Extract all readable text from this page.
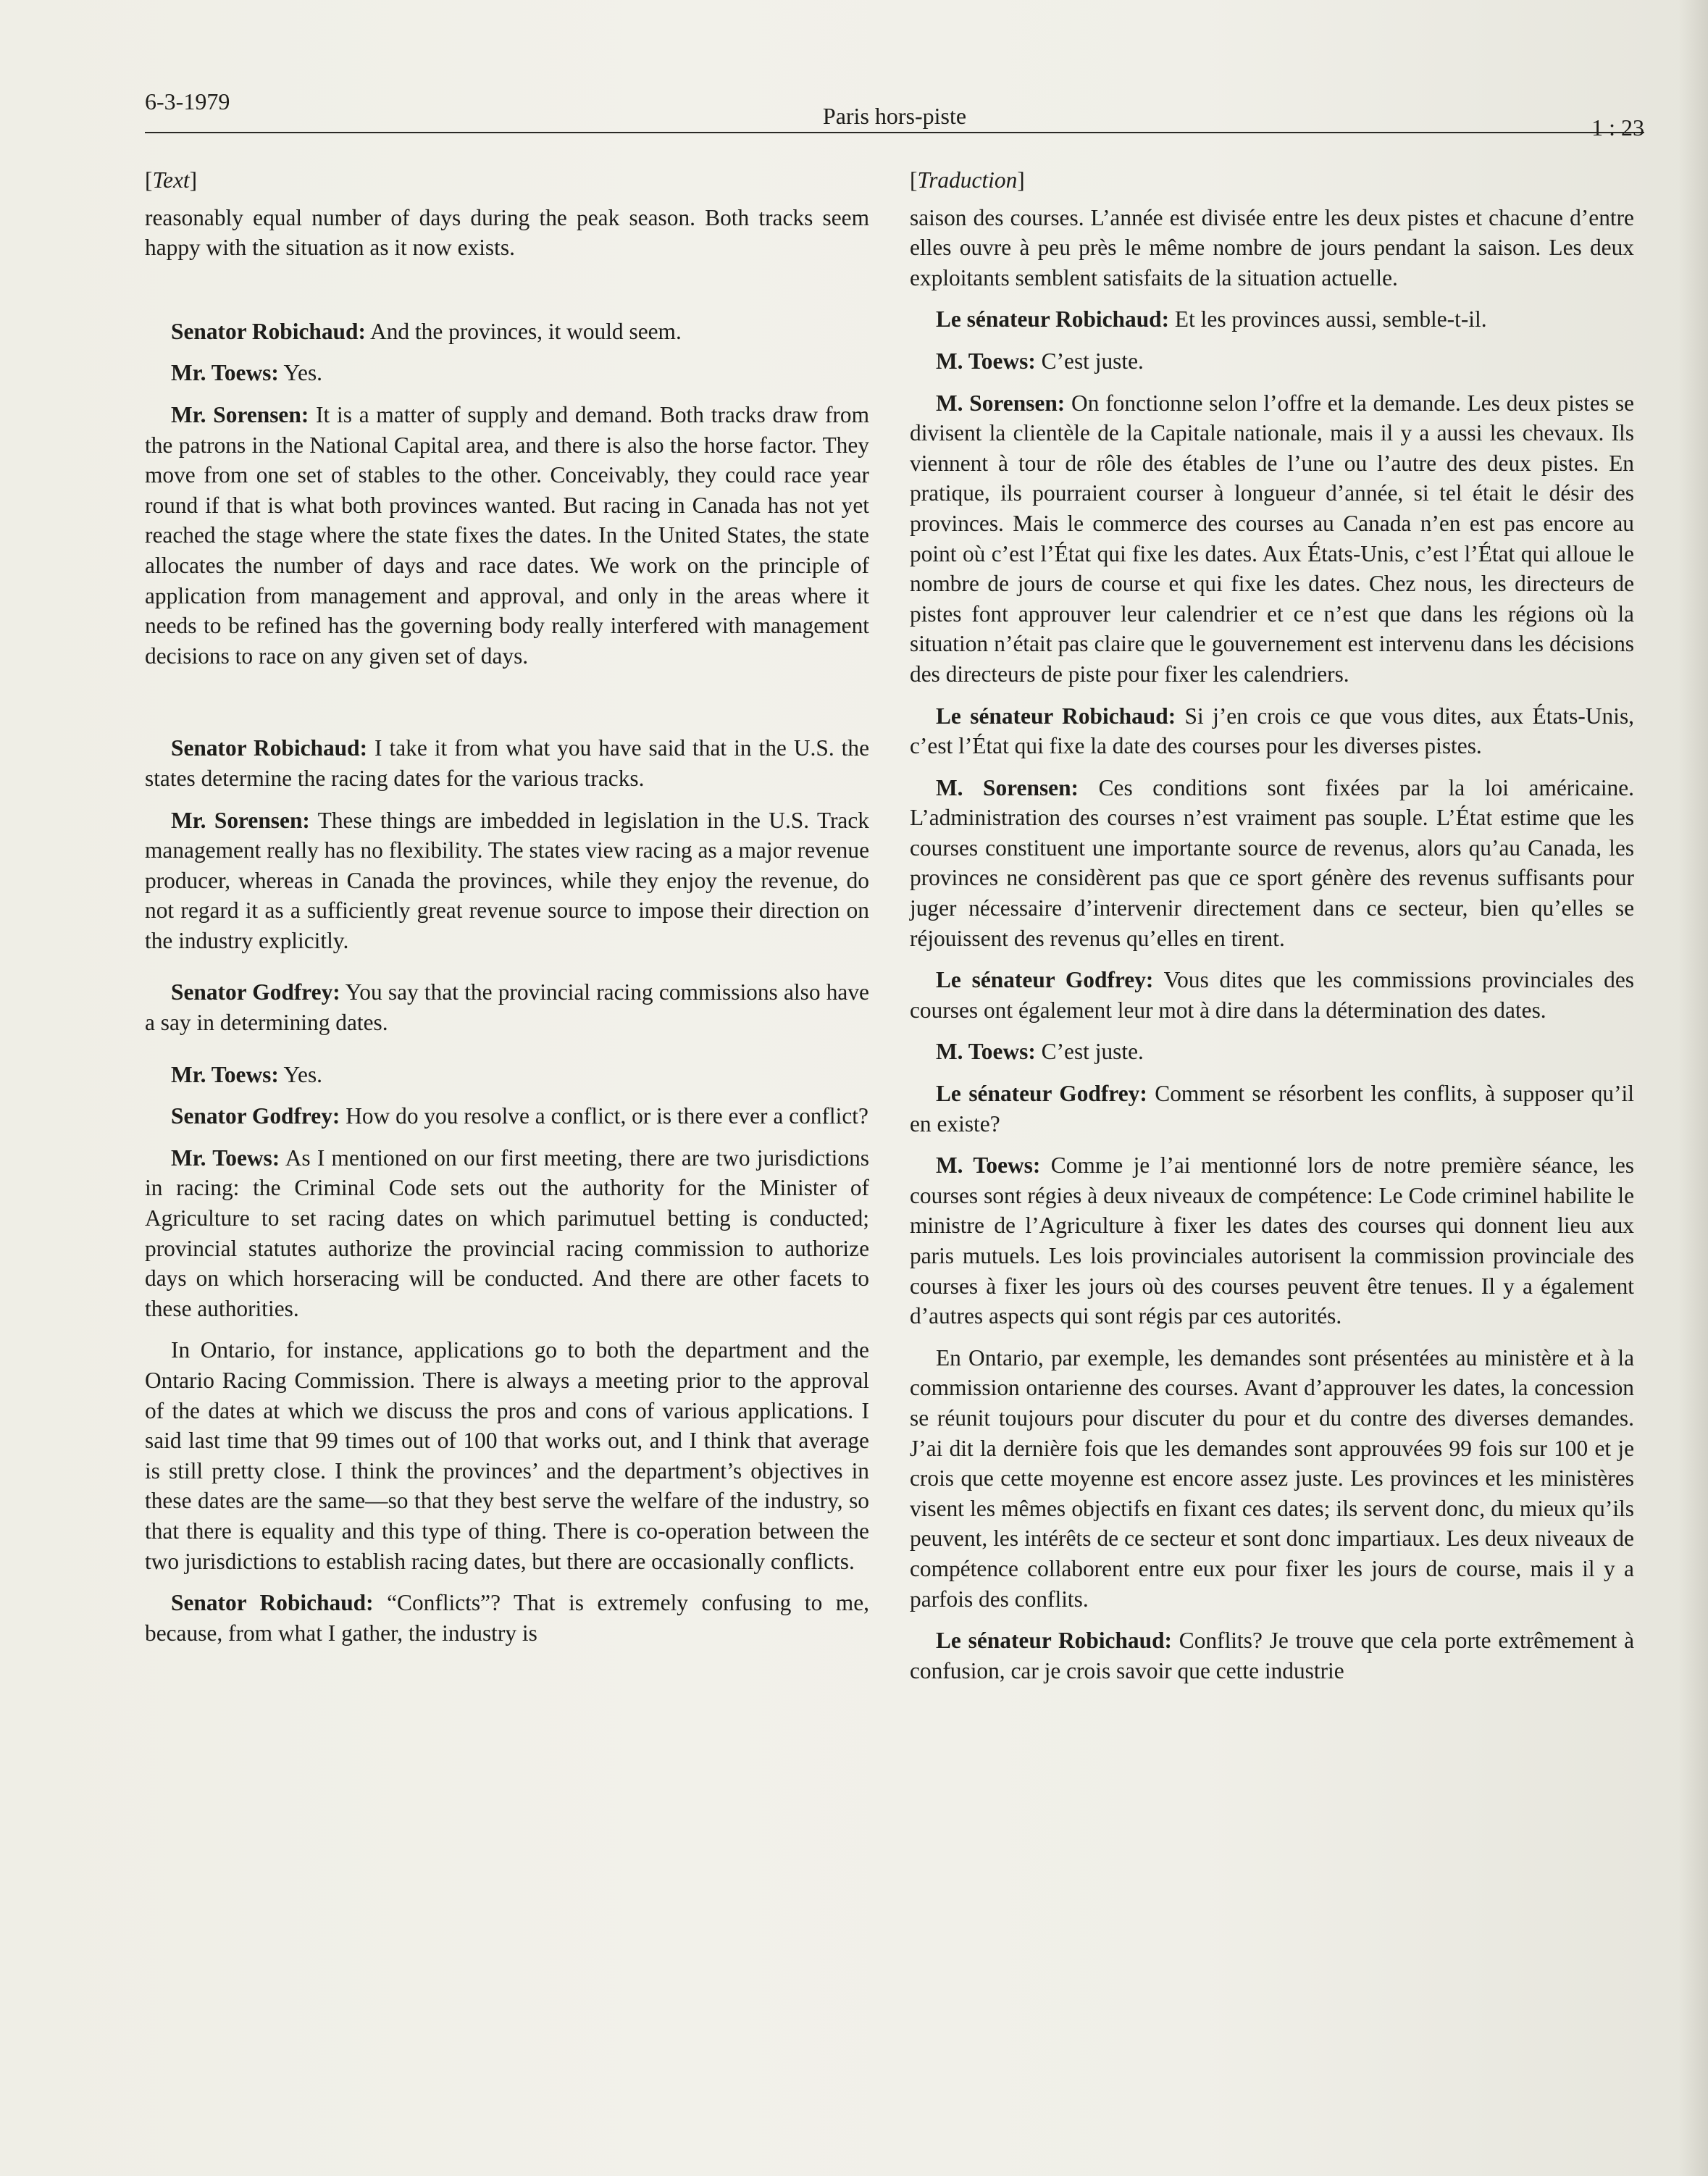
6-3-1979
Paris hors-piste	1 : 23

[Text]

reasonably equal number of days during the peak season. Both tracks seem happy with the situation as it now exists.

Senator Robichaud: And the provinces, it would seem.

Mr. Toews: Yes.

Mr. Sorensen: It is a matter of supply and demand. Both tracks draw from the patrons in the National Capital area, and there is also the horse factor. They move from one set of stables to the other. Conceivably, they could race year round if that is what both provinces wanted. But racing in Canada has not yet reached the stage where the state fixes the dates. In the United States, the state allocates the number of days and race dates. We work on the principle of application from management and approval, and only in the areas where it needs to be refined has the governing body really interfered with management decisions to race on any given set of days.

Senator Robichaud: I take it from what you have said that in the U.S. the states determine the racing dates for the various tracks.

Mr. Sorensen: These things are imbedded in legislation in the U.S. Track management really has no flexibility. The states view racing as a major revenue producer, whereas in Canada the provinces, while they enjoy the revenue, do not regard it as a sufficiently great revenue source to impose their direction on the industry explicitly.

Senator Godfrey: You say that the provincial racing commissions also have a say in determining dates.

Mr. Toews: Yes.

Senator Godfrey: How do you resolve a conflict, or is there ever a conflict?

Mr. Toews: As I mentioned on our first meeting, there are two jurisdictions in racing: the Criminal Code sets out the authority for the Minister of Agriculture to set racing dates on which parimutuel betting is conducted; provincial statutes authorize the provincial racing commission to authorize days on which horseracing will be conducted. And there are other facets to these authorities.

In Ontario, for instance, applications go to both the department and the Ontario Racing Commission. There is always a meeting prior to the approval of the dates at which we discuss the pros and cons of various applications. I said last time that 99 times out of 100 that works out, and I think that average is still pretty close. I think the provinces’ and the department’s objectives in these dates are the same—so that they best serve the welfare of the industry, so that there is equality and this type of thing. There is co-operation between the two jurisdictions to establish racing dates, but there are occasionally conflicts.

Senator Robichaud: “Conflicts”? That is extremely confusing to me, because, from what I gather, the industry is

[Traduction]

saison des courses. L’année est divisée entre les deux pistes et chacune d’entre elles ouvre à peu près le même nombre de jours pendant la saison. Les deux exploitants semblent satisfaits de la situation actuelle.

Le sénateur Robichaud: Et les provinces aussi, semble-t-il.

M. Toews: C’est juste.

M. Sorensen: On fonctionne selon l’offre et la demande. Les deux pistes se divisent la clientèle de la Capitale nationale, mais il y a aussi les chevaux. Ils viennent à tour de rôle des étables de l’une ou l’autre des deux pistes. En pratique, ils pourraient courser à longueur d’année, si tel était le désir des provinces. Mais le commerce des courses au Canada n’en est pas encore au point où c’est l’État qui fixe les dates. Aux États-Unis, c’est l’État qui alloue le nombre de jours de course et qui fixe les dates. Chez nous, les directeurs de pistes font approuver leur calendrier et ce n’est que dans les régions où la situation n’était pas claire que le gouvernement est intervenu dans les décisions des directeurs de piste pour fixer les calendriers.

Le sénateur Robichaud: Si j’en crois ce que vous dites, aux États-Unis, c’est l’État qui fixe la date des courses pour les diverses pistes.

M. Sorensen: Ces conditions sont fixées par la loi américaine. L’administration des courses n’est vraiment pas souple. L’État estime que les courses constituent une importante source de revenus, alors qu’au Canada, les provinces ne considèrent pas que ce sport génère des revenus suffisants pour juger nécessaire d’intervenir directement dans ce secteur, bien qu’elles se réjouissent des revenus qu’elles en tirent.

Le sénateur Godfrey: Vous dites que les commissions provinciales des courses ont également leur mot à dire dans la détermination des dates.

M. Toews: C’est juste.

Le sénateur Godfrey: Comment se résorbent les conflits, à supposer qu’il en existe?

M. Toews: Comme je l’ai mentionné lors de notre première séance, les courses sont régies à deux niveaux de compétence: Le Code criminel habilite le ministre de l’Agriculture à fixer les dates des courses qui donnent lieu aux paris mutuels. Les lois provinciales autorisent la commission provinciale des courses à fixer les jours où des courses peuvent être tenues. Il y a également d’autres aspects qui sont régis par ces autorités.

En Ontario, par exemple, les demandes sont présentées au ministère et à la commission ontarienne des courses. Avant d’approuver les dates, la concession se réunit toujours pour discuter du pour et du contre des diverses demandes. J’ai dit la dernière fois que les demandes sont approuvées 99 fois sur 100 et je crois que cette moyenne est encore assez juste. Les provinces et les ministères visent les mêmes objectifs en fixant ces dates; ils servent donc, du mieux qu’ils peuvent, les intérêts de ce secteur et sont donc impartiaux. Les deux niveaux de compétence collaborent entre eux pour fixer les jours de course, mais il y a parfois des conflits.

Le sénateur Robichaud: Conflits? Je trouve que cela porte extrêmement à confusion, car je crois savoir que cette industrie
